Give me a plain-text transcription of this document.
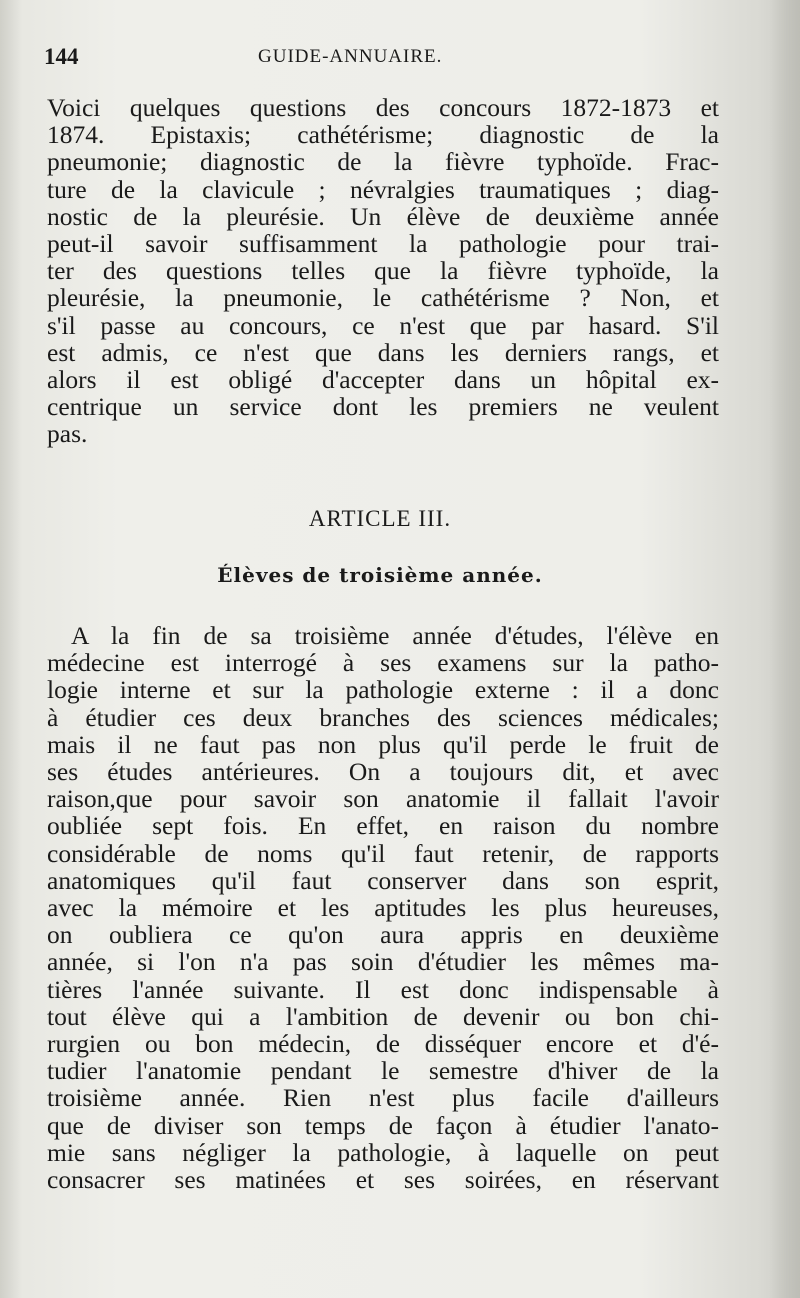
144	GUIDE-ANNUAIRE.
Voici quelques questions des concours 1872-1873 et
1874. Epistaxis; cathétérisme; diagnostic de la
pneumonie; diagnostic de la fièvre typhoïde. Frac-
ture de la clavicule ; névralgies traumatiques ; diag-
nostic de la pleurésie. Un élève de deuxième année
peut-il savoir suffisamment la pathologie pour trai-
ter des questions telles que la fièvre typhoïde, la
pleurésie, la pneumonie, le cathétérisme ? Non, et
s'il passe au concours, ce n'est que par hasard. S'il
est admis, ce n'est que dans les derniers rangs, et
alors il est obligé d'accepter dans un hôpital ex-
centrique un service dont les premiers ne veulent
pas.
ARTICLE III.
Élèves de troisième année.
A la fin de sa troisième année d'études, l'élève en
médecine est interrogé à ses examens sur la patho-
logie interne et sur la pathologie externe : il a donc
à étudier ces deux branches des sciences médicales;
mais il ne faut pas non plus qu'il perde le fruit de
ses études antérieures. On a toujours dit, et avec
raison,que pour savoir son anatomie il fallait l'avoir
oubliée sept fois. En effet, en raison du nombre
considérable de noms qu'il faut retenir, de rapports
anatomiques qu'il faut conserver dans son esprit,
avec la mémoire et les aptitudes les plus heureuses,
on oubliera ce qu'on aura appris en deuxième
année, si l'on n'a pas soin d'étudier les mêmes ma-
tières l'année suivante. Il est donc indispensable à
tout élève qui a l'ambition de devenir ou bon chi-
rurgien ou bon médecin, de disséquer encore et d'é-
tudier l'anatomie pendant le semestre d'hiver de la
troisième année. Rien n'est plus facile d'ailleurs
que de diviser son temps de façon à étudier l'anato-
mie sans négliger la pathologie, à laquelle on peut
consacrer ses matinées et ses soirées, en réservant
